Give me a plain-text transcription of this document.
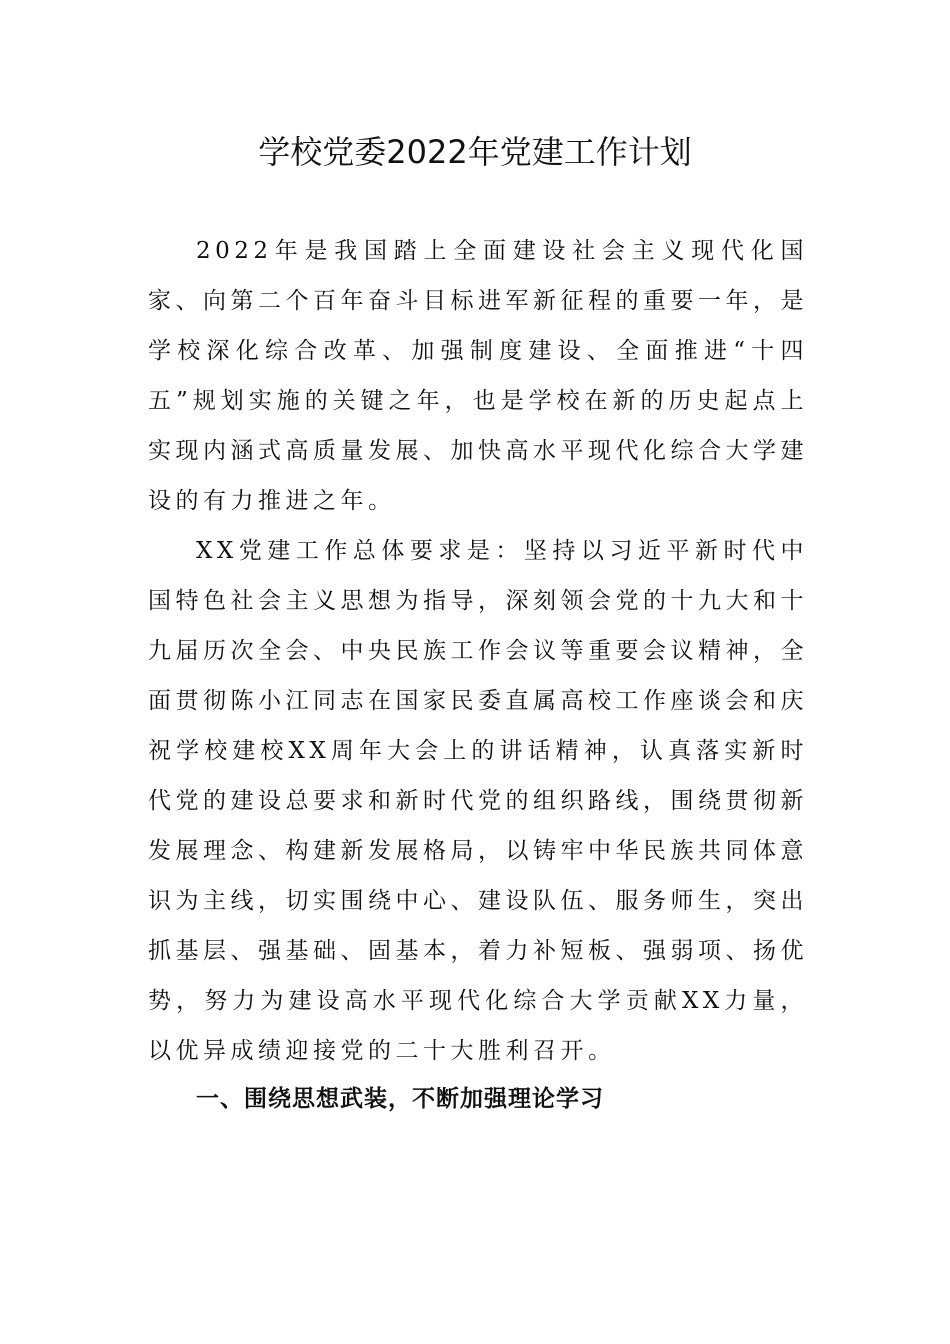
学校党委2022年党建工作计划

2022年是我国踏上全面建设社会主义现代化国家、向第二个百年奋斗目标进军新征程的重要一年，是学校深化综合改革、加强制度建设、全面推进“十四五”规划实施的关键之年，也是学校在新的历史起点上实现内涵式高质量发展、加快高水平现代化综合大学建设的有力推进之年。

XX党建工作总体要求是：坚持以习近平新时代中国特色社会主义思想为指导，深刻领会党的十九大和十九届历次全会、中央民族工作会议等重要会议精神，全面贯彻陈小江同志在国家民委直属高校工作座谈会和庆祝学校建校XX周年大会上的讲话精神，认真落实新时代党的建设总要求和新时代党的组织路线，围绕贯彻新发展理念、构建新发展格局，以铸牢中华民族共同体意识为主线，切实围绕中心、建设队伍、服务师生，突出抓基层、强基础、固基本，着力补短板、强弱项、扬优势，努力为建设高水平现代化综合大学贡献XX力量，以优异成绩迎接党的二十大胜利召开。

一、围绕思想武装，不断加强理论学习
